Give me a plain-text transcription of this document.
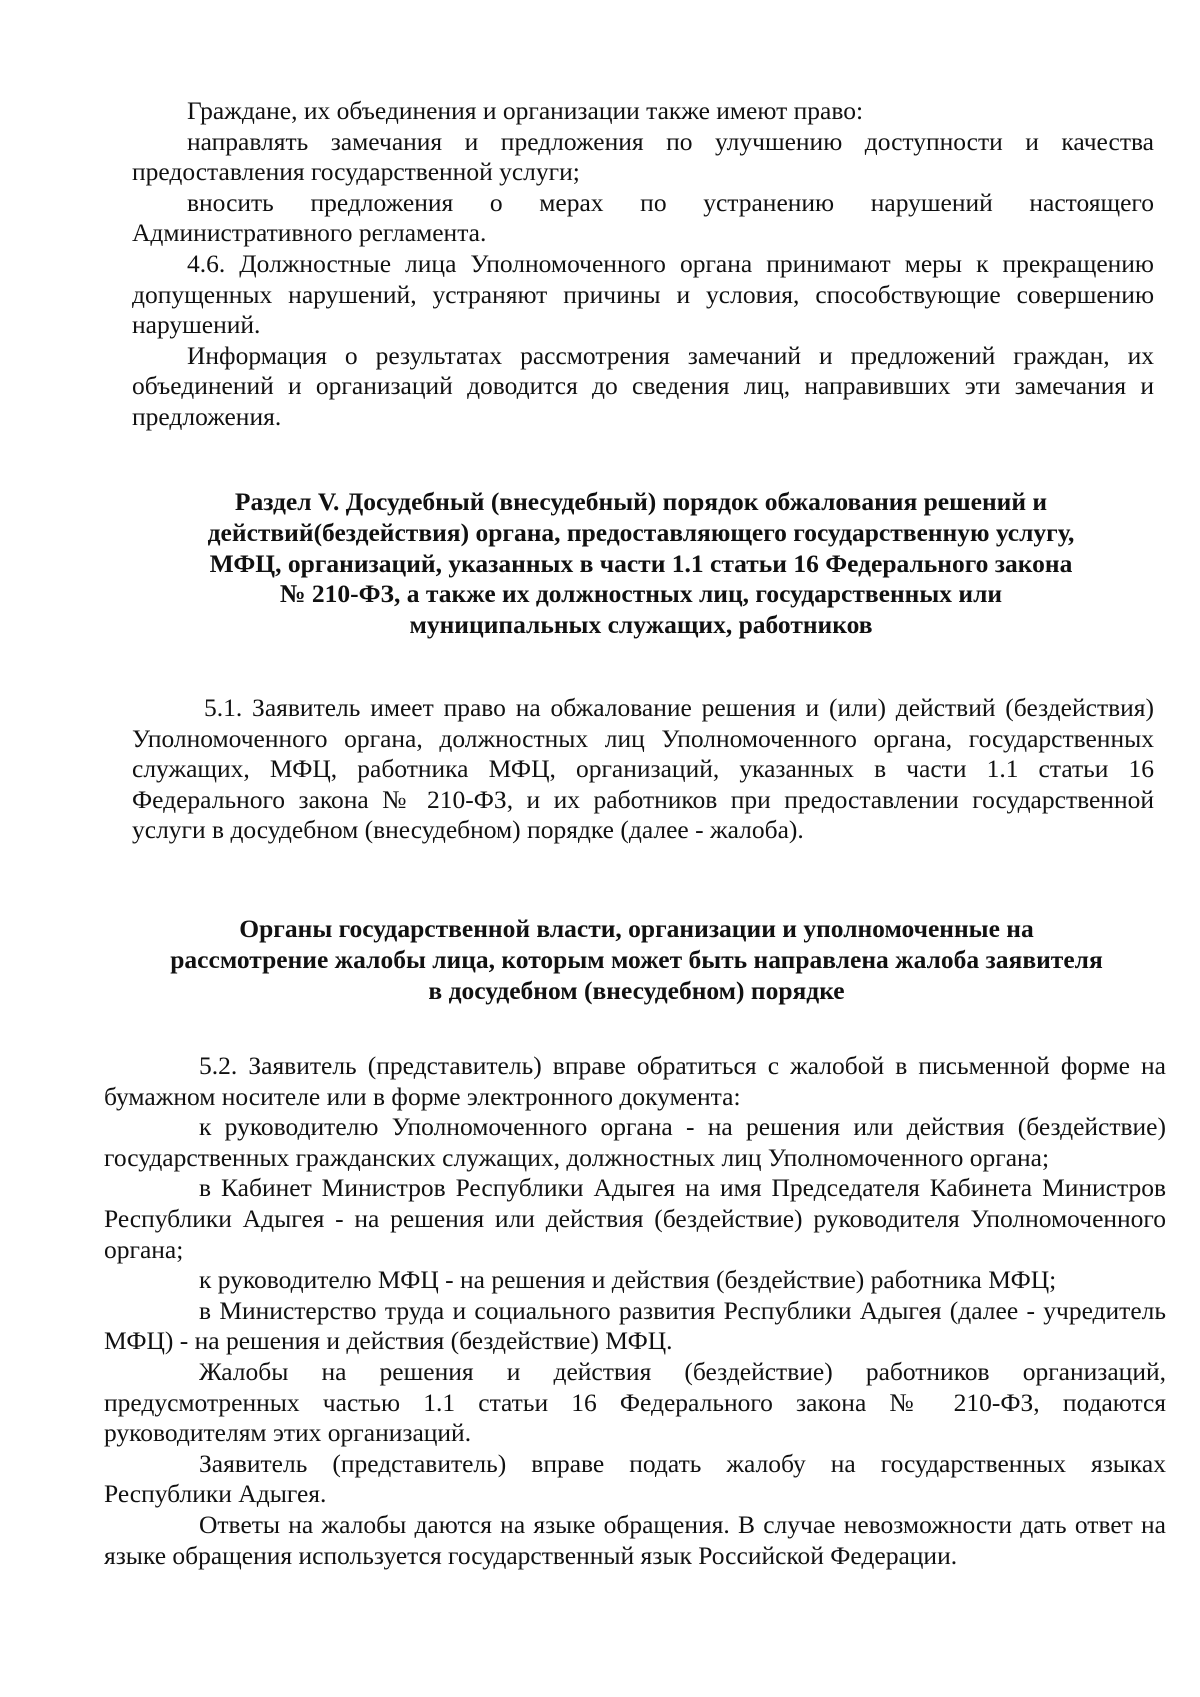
Граждане, их объединения и организации также имеют право:

направлять замечания и предложения по улучшению доступности и качества предоставления государственной услуги;

вносить предложения о мерах по устранению нарушений настоящего Административного регламента.

4.6. Должностные лица Уполномоченного органа принимают меры к прекращению допущенных нарушений, устраняют причины и условия, способствующие совершению нарушений.

Информация о результатах рассмотрения замечаний и предложений граждан, их объединений и организаций доводится до сведения лиц, направивших эти замечания и предложения.

Раздел V. Досудебный (внесудебный) порядок обжалования решений и
действий(бездействия) органа, предоставляющего государственную услугу,
МФЦ, организаций, указанных в части 1.1 статьи 16 Федерального закона
№ 210-ФЗ, а также их должностных лиц, государственных или
муниципальных служащих, работников

5.1. Заявитель имеет право на обжалование решения и (или) действий (бездействия) Уполномоченного органа, должностных лиц Уполномоченного органа, государственных служащих, МФЦ, работника МФЦ, организаций, указанных в части 1.1 статьи 16 Федерального закона № 210-ФЗ, и их работников при предоставлении государственной услуги в досудебном (внесудебном) порядке (далее - жалоба).

Органы государственной власти, организации и уполномоченные на
рассмотрение жалобы лица, которым может быть направлена жалоба заявителя
в досудебном (внесудебном) порядке

5.2. Заявитель (представитель) вправе обратиться с жалобой в письменной форме на бумажном носителе или в форме электронного документа:

к руководителю Уполномоченного органа - на решения или действия (бездействие) государственных гражданских служащих, должностных лиц Уполномоченного органа;

в Кабинет Министров Республики Адыгея на имя Председателя Кабинета Министров Республики Адыгея - на решения или действия (бездействие) руководителя Уполномоченного органа;

к руководителю МФЦ - на решения и действия (бездействие) работника МФЦ;

в Министерство труда и социального развития Республики Адыгея (далее - учредитель МФЦ) - на решения и действия (бездействие) МФЦ.

Жалобы на решения и действия (бездействие) работников организаций, предусмотренных частью 1.1 статьи 16 Федерального закона № 210-ФЗ, подаются руководителям этих организаций.

Заявитель (представитель) вправе подать жалобу на государственных языках Республики Адыгея.

Ответы на жалобы даются на языке обращения. В случае невозможности дать ответ на языке обращения используется государственный язык Российской Федерации.
